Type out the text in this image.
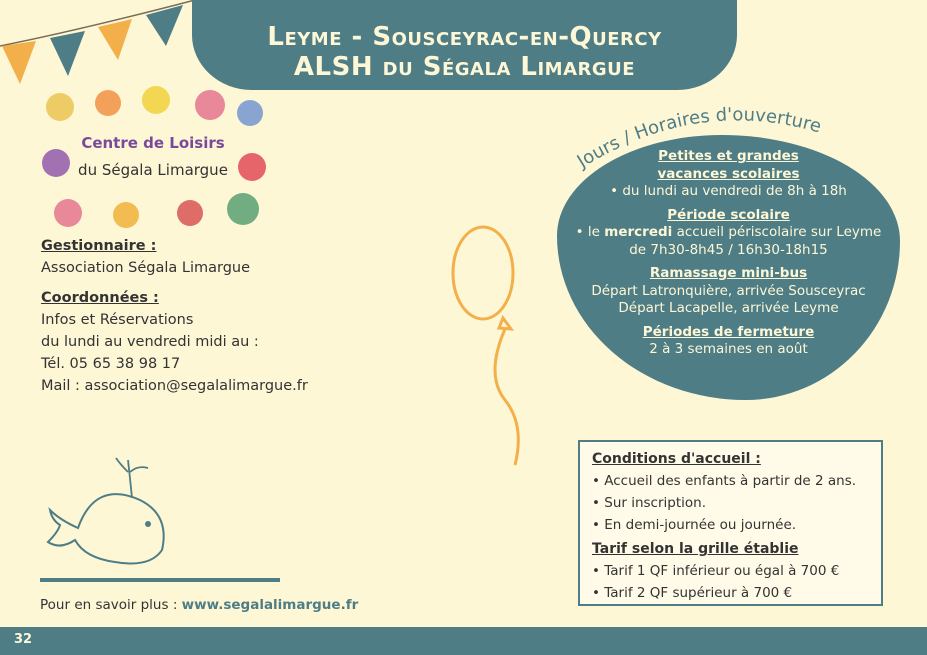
Leyme - Sousceyrac-en-Quercy
ALSH du Ségala Limargue
Centre de Loisirs
du Ségala Limargue
Gestionnaire :
Association Ségala Limargue
Coordonnées :
Infos et Réservations
du lundi au vendredi midi au :
Tél. 05 65 38 98 17
Mail : association@segalalimargue.fr
Pour en savoir plus : www.segalalimargue.fr
Jours / Horaires d'ouverture
Petites et grandes
vacances scolaires
• du lundi au vendredi de 8h à 18h
Période scolaire
• le mercredi accueil périscolaire sur Leyme
de 7h30-8h45 / 16h30-18h15
Ramassage mini-bus
Départ Latronquière, arrivée Sousceyrac
Départ Lacapelle, arrivée Leyme
Périodes de fermeture
2 à 3 semaines en août
Conditions d'accueil :
• Accueil des enfants à partir de 2 ans.
• Sur inscription.
• En demi-journée ou journée.
Tarif selon la grille établie
• Tarif 1 QF inférieur ou égal à 700 €
• Tarif 2 QF supérieur à 700 €
32
